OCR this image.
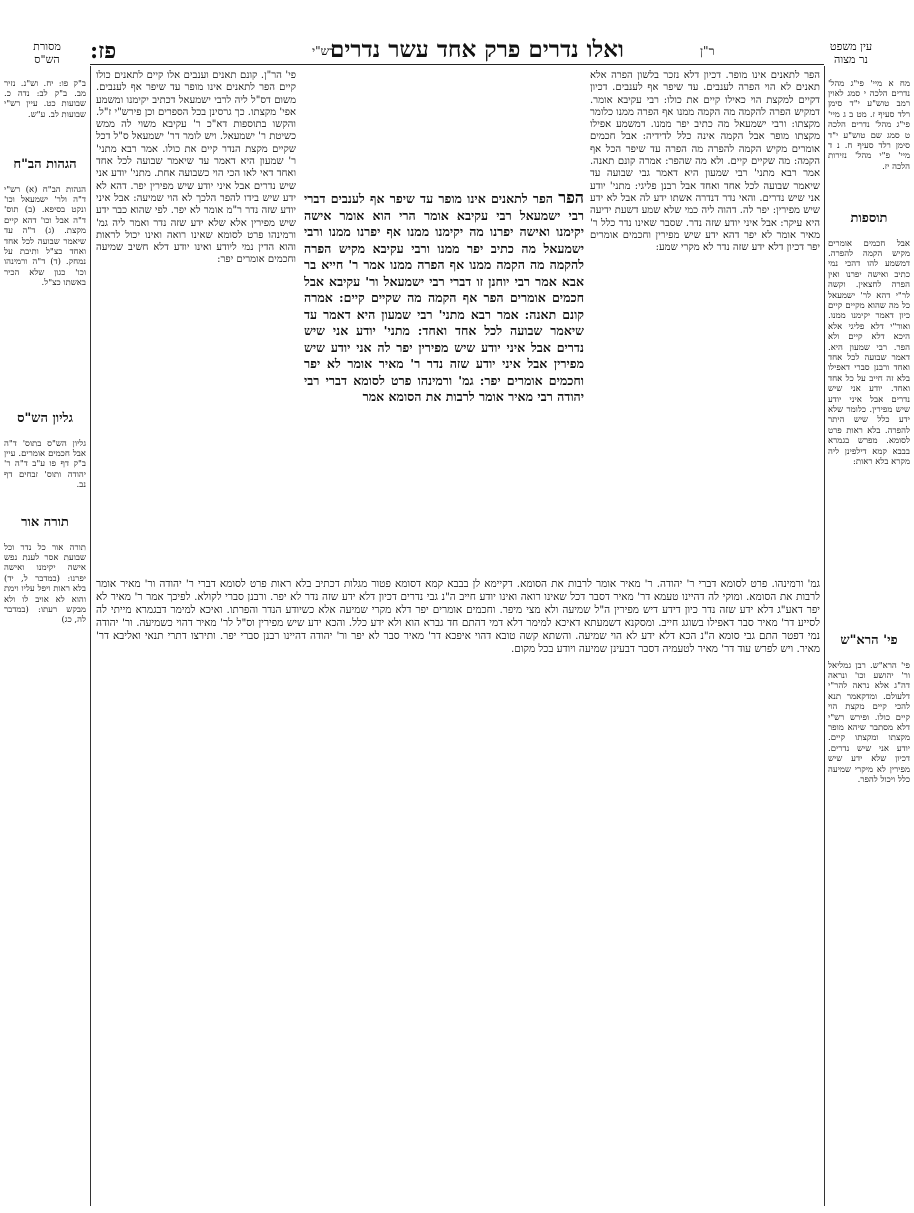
פז:	רש"י
ואלו נדרים פרק אחד עשר נדרים	ר"ן	עין משפט
נר מצוה
מסורת
הש"ס

מח א מיי' פי"ג מהל' נדרים הלכה י סמג לאוין רמב טוש"ע י"ד סימן רלד סעיף ז. מט ב ג מיי' פי"ג מהל' נדרים הלכה ט סמג שם טוש"ע י"ד סימן רלד סעיף ח. נ ד מיי' פ"י מהל' נזירות הלכה יז.

תוספות

אבל חכמים אומרים מקיש הקמה להפרה. דמשמע להו דהכי נמי כתיב ואישה יפרנו ואין הפרה לחצאין. וקשה לר"י דהא לר' ישמעאל כל מה שהוא מקיים קיים כיון דאמר יקימנו ממנו. ואור"י דלא פליגי אלא היכא דלא קיים ולא הפר. רבי שמעון היא. דאמר שבועה לכל אחד ואחד ורבנן סברי דאפילו בלא זה חייב על כל אחד ואחד. יודע אני שיש נדרים אבל איני יודע שיש מפירין. כלומר שלא ידע כלל שיש היתר להפרה. בלא ראות פרט לסומא. מפרש בגמרא בבבא קמא דילפינן ליה מקרא בלא ראות:

פי' הרא"ש

פי' הרא"ש. רבן גמליאל ור' יהושע וכו' ונראה דה"ג אלא נראה להר"י דלעולם. ומדקאמר תנא להכי קיים מקצת הוי קיים כולו. ופירש רש"י דלא מסתבר שיהא מופר מקצתו ומקצתו קיים. יודע אני שיש נדרים. דכיון שלא ידע שיש מפירין לא מיקרי שמיעה כלל ויכול להפר.

ב"ק פו: יח. וש"נ. נזיר מב. ב"ק לב: נדה כ. שבועות כט. עיין רש"י שבועות לב. ע"ש.

הגהות הב"ח

הגהות הב"ח (א) רש"י ד"ה ולר' ישמעאל וכו' ונקט בסיפא. (ב) תוס' ד"ה אבל וכו' דהא קיים מקצת. (ג) ד"ה עד שיאמר שבועה לכל אחד ואחד כצ"ל ותיבת על נמחק. (ד) ד"ה ורמינהו וכו' כגון שלא הכיר באשתו כצ"ל.

גליון הש"ס

גליון הש"ס בתוס' ד"ה אבל חכמים אומרים. עיין ב"ק דף פו ע"ב ד"ה ר' יהודה ותוס' זבחים דף נב.

תורה אור

תורה אור כל נדר וכל שבועת אסר לענת נפש אישה יקימנו ואישה יפרנו: (במדבר ל, יד) בלא ראות ויפל עליו וימת והוא לא אויב לו ולא מבקש רעתו: (במדבר לה, כג)

הפר לתאנים אינו מופר. דכיון דלא נזכר בלשון הפרה אלא תאנים לא הוי הפרה לענבים. עד שיפר אף לענבים. דכיון דקיים למקצת הוי כאילו קיים את כולו: רבי עקיבא אומר. דמקיש הפרה להקמה מה הקמה ממנו אף הפרה ממנו כלומר מקצתו: ורבי ישמעאל מה כתיב יפר ממנו. דמשמע אפילו מקצתו מופר אבל הקמה אינה כלל לדידיה: אבל חכמים אומרים מקיש הקמה להפרה מה הפרה עד שיפר הכל אף הקמה: מה שקיים קיים. ולא מה שהפר: אמרה קונם תאנה. אמר רבא מתני' רבי שמעון היא דאמר גבי שבועה עד שיאמר שבועה לכל אחד ואחד אבל רבנן פליגי: מתני' יודע אני שיש נדרים. והאי נדר דנדרה אשתו ידע לה אבל לא ידע שיש מפירין: יפר לה. דהוה ליה כמי שלא שמע דשעת ידיעה היא עיקר: אבל איני יודע שזה נדר. שסבר שאינו נדר כלל ר' מאיר אומר לא יפר דהא ידע שיש מפירין וחכמים אומרים יפר דכיון דלא ידע שזה נדר לא מקרי שמע:

פי' הר"ן. קונם תאנים וענבים אלו קיים לתאנים כולו קיים הפר לתאנים אינו מופר עד שיפר אף לענבים. משום דס"ל ליה לרבי ישמעאל דכתיב יקימנו ומשמע אפי' מקצתו. כך גרסינן בכל הספרים וכן פירש"י ז"ל. והקשו בתוספות דא"כ ר' עקיבא משוי לה ממש כשיטת ר' ישמעאל. ויש לומר דר' ישמעאל ס"ל דכל שקיים מקצת הנדר קיים את כולו. אמר רבא מתני' ר' שמעון היא דאמר עד שיאמר שבועה לכל אחד ואחד דאי לאו הכי הוי כשבועה אחת. מתני' יודע אני שיש נדרים אבל איני יודע שיש מפירין יפר. דהא לא ידע שיש בידו להפר הלכך לא הוי שמיעה: אבל איני יודע שזה נדר ר"מ אומר לא יפר. לפי שהוא כבר ידע שיש מפירין אלא שלא ידע שזה נדר ואמר ליה גמ' ורמינהו פרט לסומא שאינו רואה ואינו יכול לראות והוא הדין נמי ליודע ואינו יודע דלא חשיב שמיעה וחכמים אומרים יפר:

הפר הפר לתאנים אינו מופר עד שיפר אף לענבים דברי רבי ישמעאל רבי עקיבא אומר הרי הוא אומר אישה יקימנו ואישה יפרנו מה יקימנו ממנו אף יפרנו ממנו ורבי ישמעאל מה כתיב יפר ממנו ורבי עקיבא מקיש הפרה להקמה מה הקמה ממנו אף הפרה ממנו אמר ר' חייא בר אבא אמר רבי יוחנן זו דברי רבי ישמעאל ור' עקיבא אבל חכמים אומרים הפר אף הקמה מה שקיים קיים: אמרה קונם תאנה: אמר רבא מתני' רבי שמעון היא דאמר עד שיאמר שבועה לכל אחד ואחד: מתני' יודע אני שיש נדרים אבל איני יודע שיש מפירין יפר לה אני יודע שיש מפירין אבל איני יודע שזה נדר ר' מאיר אומר לא יפר וחכמים אומרים יפר: גמ' ורמינהו פרט לסומא דברי רבי יהודה רבי מאיר אומר לרבות את הסומא אמר

גמ' ורמינהו. פרט לסומא דברי ר' יהודה. ר' מאיר אומר לרבות את הסומא. דקיימא לן בבבא קמא דסומא פטור מגלות דכתיב בלא ראות פרט לסומא דברי ר' יהודה ור' מאיר אומר לרבות את הסומא. ומוקי לה דהיינו טעמא דר' מאיר דסבר דכל שאינו רואה ואינו יודע חייב ה"נ גבי נדרים דכיון דלא ידע שזה נדר לא יפר. ורבנן סברי לקולא. לפיכך אמר ר' מאיר לא יפר דאע"ג דלא ידע שזה נדר כיון דידע דיש מפירין ה"ל שמיעה ולא מצי מיפר. וחכמים אומרים יפר דלא מקרי שמיעה אלא כשיודע הנדר והפרתו. ואיכא למימר דבגמרא מייתי לה לסייע דר' מאיר סבר דאפילו בשוגג חייב. ומסקנא דשמעתא דאיכא למימר דלא דמי דהתם חד גברא הוא ולא ידע כלל. והכא ידע שיש מפירין וס"ל לר' מאיר דהוי כשמיעה. ור' יהודה נמי דפטר התם גבי סומא ה"נ הכא דלא ידע לא הוי שמיעה. והשתא קשה טובא דהוי איפכא דר' מאיר סבר לא יפר ור' יהודה דהיינו רבנן סברי יפר. ותירצו דתרי תנאי ואליבא דר' מאיר. ויש לפרש עוד דר' מאיר לטעמיה דסבר דבעינן שמיעה ויודע בכל מקום.
